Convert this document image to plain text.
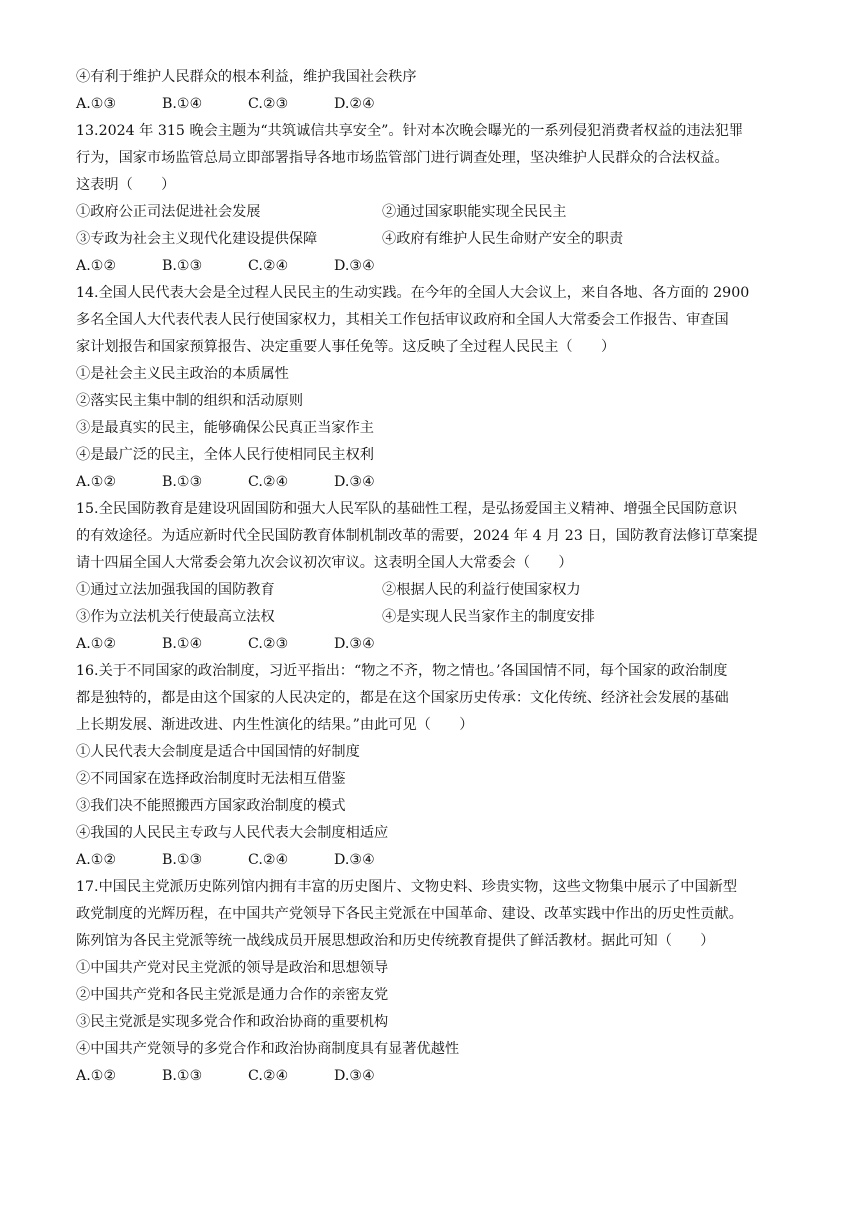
④有利于维护人民群众的根本利益，维护我国社会秩序
A.①③	B.①④	C.②③	D.②④
13.2024 年 315 晚会主题为“共筑诚信共享安全”。针对本次晚会曝光的一系列侵犯消费者权益的违法犯罪
行为，国家市场监管总局立即部署指导各地市场监管部门进行调查处理，坚决维护人民群众的合法权益。
这表明（　　）
①政府公正司法促进社会发展	②通过国家职能实现全民民主
③专政为社会主义现代化建设提供保障	④政府有维护人民生命财产安全的职责
A.①②	B.①③	C.②④	D.③④
14.全国人民代表大会是全过程人民民主的生动实践。在今年的全国人大会议上，来自各地、各方面的 2900
多名全国人大代表代表人民行使国家权力，其相关工作包括审议政府和全国人大常委会工作报告、审查国
家计划报告和国家预算报告、决定重要人事任免等。这反映了全过程人民民主（　　）
①是社会主义民主政治的本质属性
②落实民主集中制的组织和活动原则
③是最真实的民主，能够确保公民真正当家作主
④是最广泛的民主，全体人民行使相同民主权利
A.①②	B.①③	C.②④	D.③④
15.全民国防教育是建设巩固国防和强大人民军队的基础性工程，是弘扬爱国主义精神、增强全民国防意识
的有效途径。为适应新时代全民国防教育体制机制改革的需要，2024 年 4 月 23 日，国防教育法修订草案提
请十四届全国人大常委会第九次会议初次审议。这表明全国人大常委会（　　）
①通过立法加强我国的国防教育	②根据人民的利益行使国家权力
③作为立法机关行使最高立法权	④是实现人民当家作主的制度安排
A.①②	B.①④	C.②③	D.③④
16.关于不同国家的政治制度，习近平指出：“物之不齐，物之情也。’各国国情不同，每个国家的政治制度
都是独特的，都是由这个国家的人民决定的，都是在这个国家历史传承：文化传统、经济社会发展的基础
上长期发展、渐进改进、内生性演化的结果。”由此可见（　　）
①人民代表大会制度是适合中国国情的好制度
②不同国家在选择政治制度时无法相互借鉴
③我们决不能照搬西方国家政治制度的模式
④我国的人民民主专政与人民代表大会制度相适应
A.①②	B.①③	C.②④	D.③④
17.中国民主党派历史陈列馆内拥有丰富的历史图片、文物史料、珍贵实物，这些文物集中展示了中国新型
政党制度的光辉历程，在中国共产党领导下各民主党派在中国革命、建设、改革实践中作出的历史性贡献。
陈列馆为各民主党派等统一战线成员开展思想政治和历史传统教育提供了鲜活教材。据此可知（　　）
①中国共产党对民主党派的领导是政治和思想领导
②中国共产党和各民主党派是通力合作的亲密友党
③民主党派是实现多党合作和政治协商的重要机构
④中国共产党领导的多党合作和政治协商制度具有显著优越性
A.①②	B.①③	C.②④	D.③④
